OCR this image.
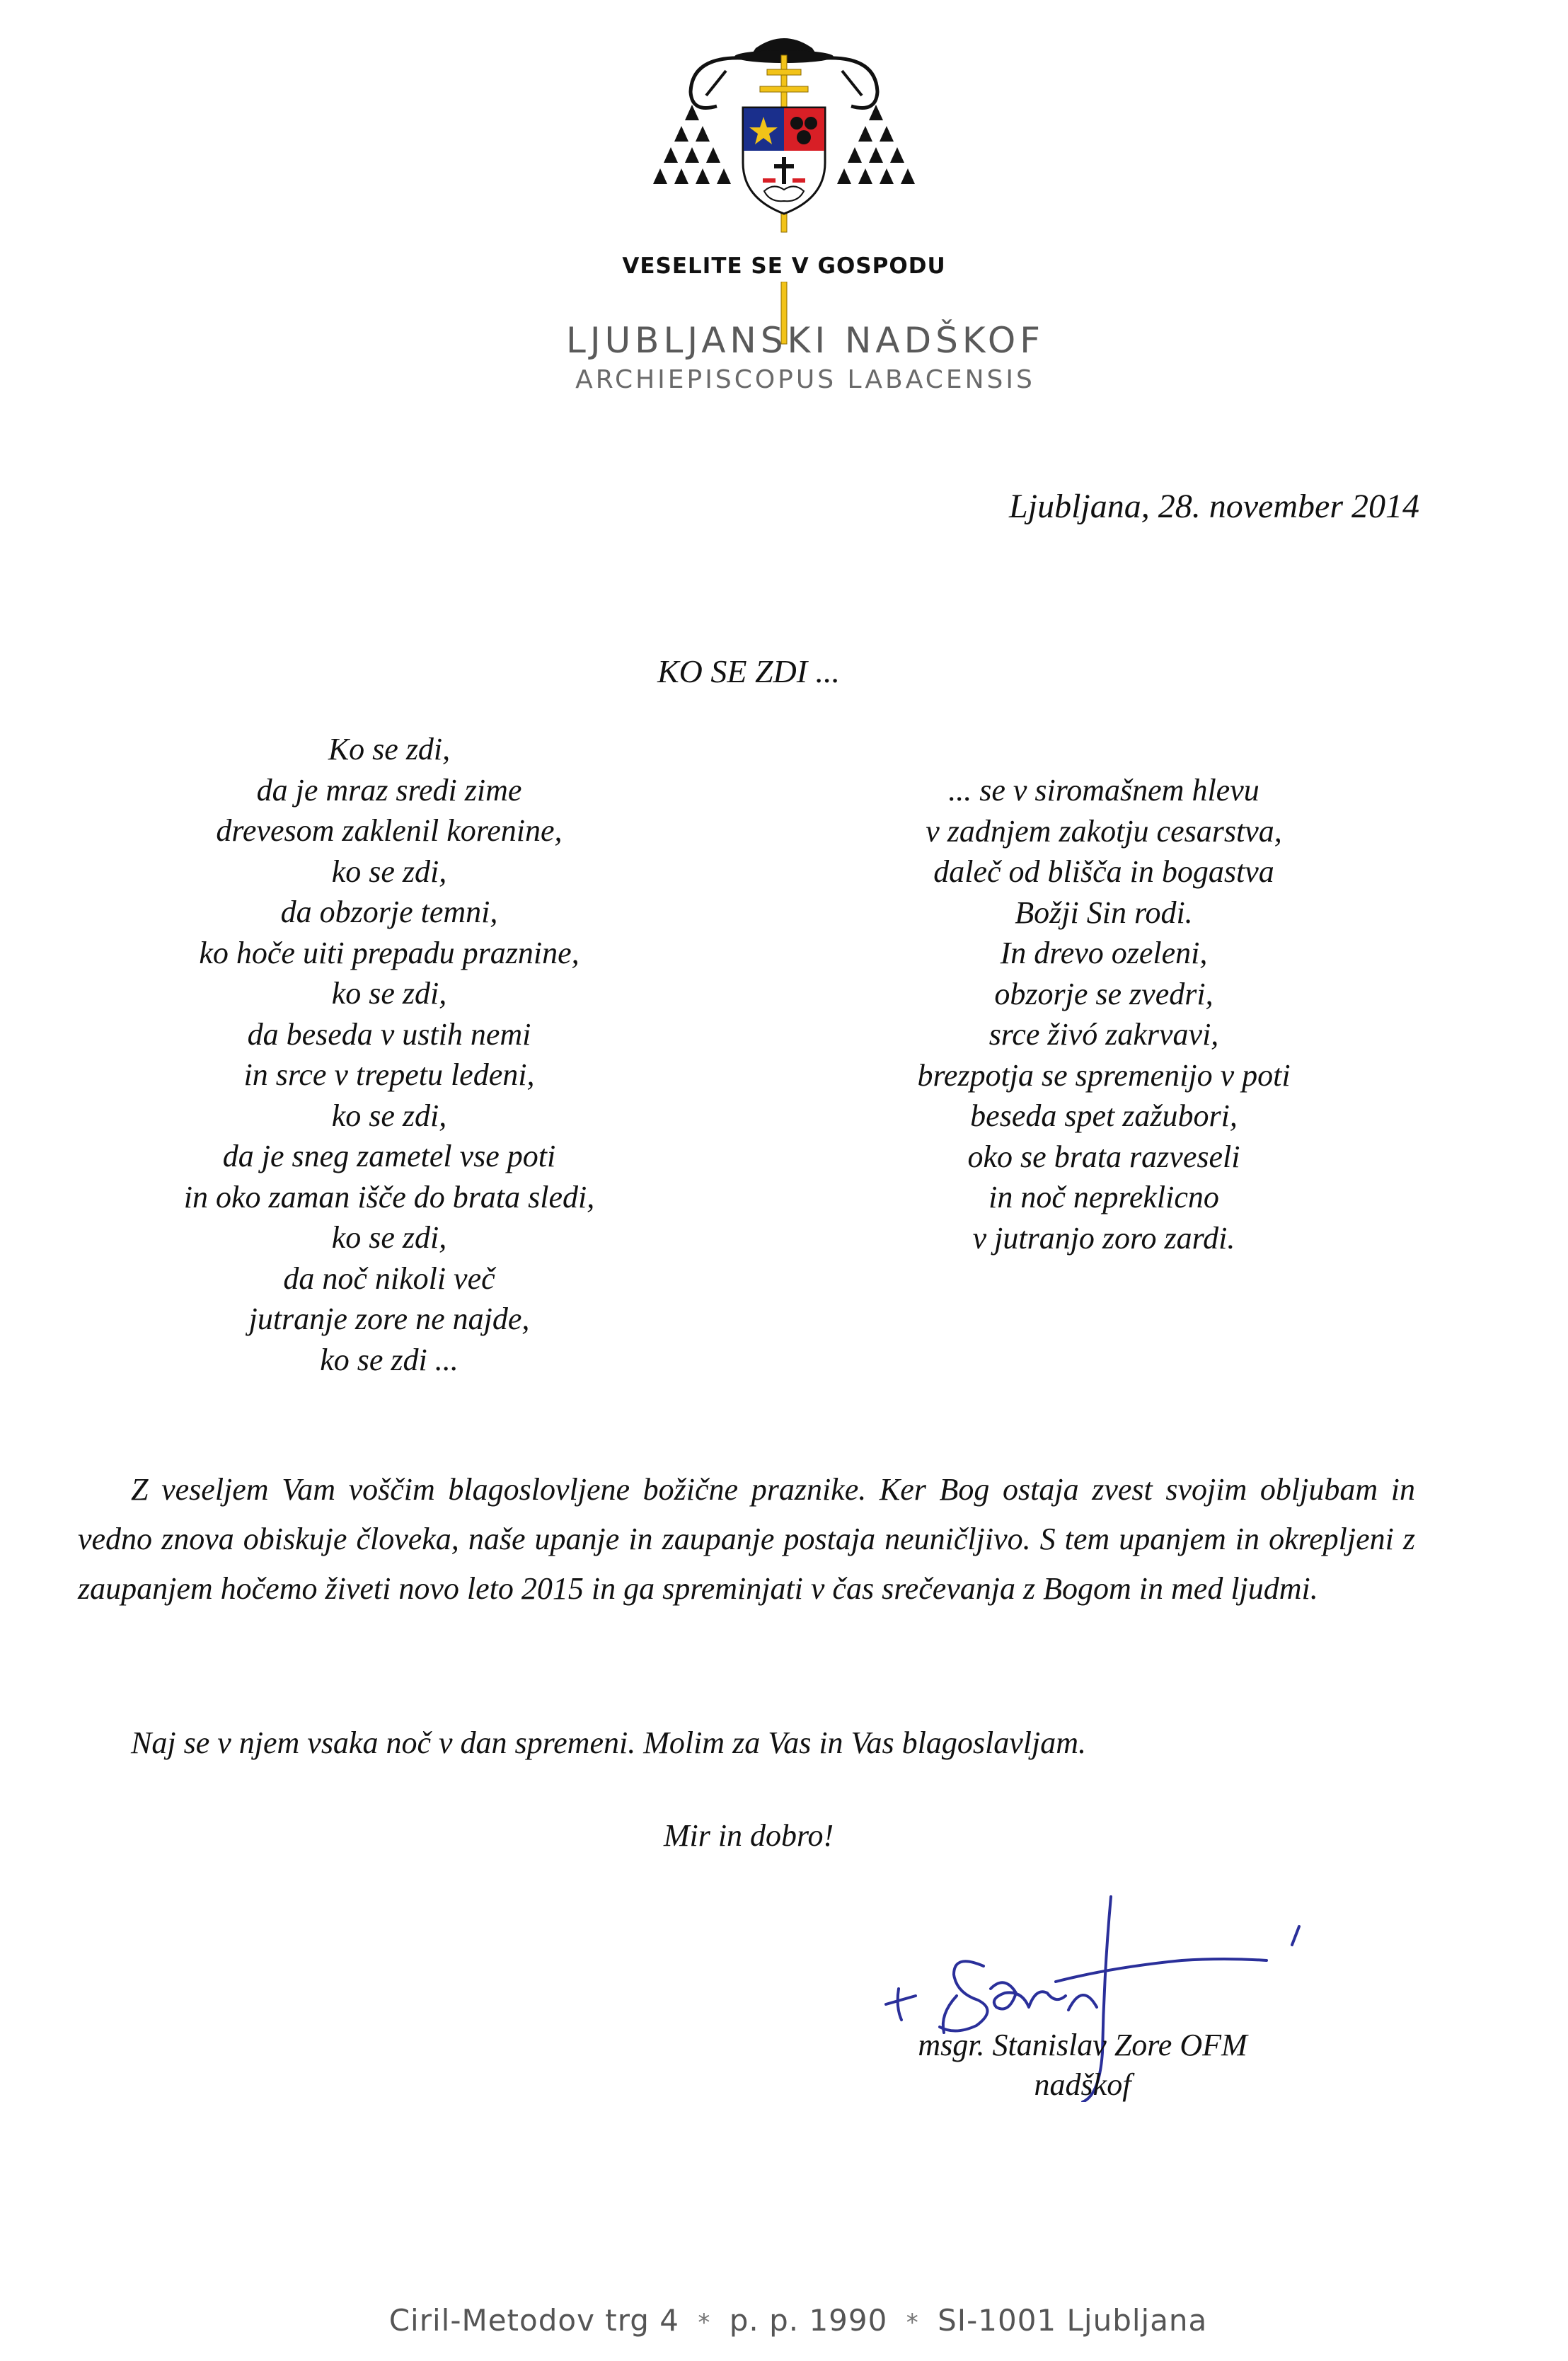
VESELITE SE V GOSPODU
LJUBLJANSKI NADŠKOF
ARCHIEPISCOPUS LABACENSIS
Ljubljana, 28. november 2014
KO SE ZDI ...
Ko se zdi,
da je mraz sredi zime
drevesom zaklenil korenine,
ko se zdi,
da obzorje temni,
ko hoče uiti prepadu praznine,
ko se zdi,
da beseda v ustih nemi
in srce v trepetu ledeni,
ko se zdi,
da je sneg zametel vse poti
in oko zaman išče do brata sledi,
ko se zdi,
da noč nikoli več
jutranje zore ne najde,
ko se zdi ...
... se v siromašnem hlevu
v zadnjem zakotju cesarstva,
daleč od blišča in bogastva
Božji Sin rodi.
In drevo ozeleni,
obzorje se zvedri,
srce živó zakrvavi,
brezpotja se spremenijo v poti
beseda spet zažubori,
oko se brata razveseli
in noč nepreklicno
v jutranjo zoro zardi.
Z veseljem Vam voščim blagoslovljene božične praznike. Ker Bog ostaja zvest svojim obljubam in vedno znova obiskuje človeka, naše upanje in zaupanje postaja neuničljivo. S tem upanjem in okrepljeni z zaupanjem hočemo živeti novo leto 2015 in ga spreminjati v čas srečevanja z Bogom in med ljudmi.
Naj se v njem vsaka noč v dan spremeni. Molim za Vas in Vas blagoslavljam.
Mir in dobro!
msgr. Stanislav Zore OFM
nadškof
Ciril-Metodov trg 4 * p. p. 1990 * SI-1001 Ljubljana
